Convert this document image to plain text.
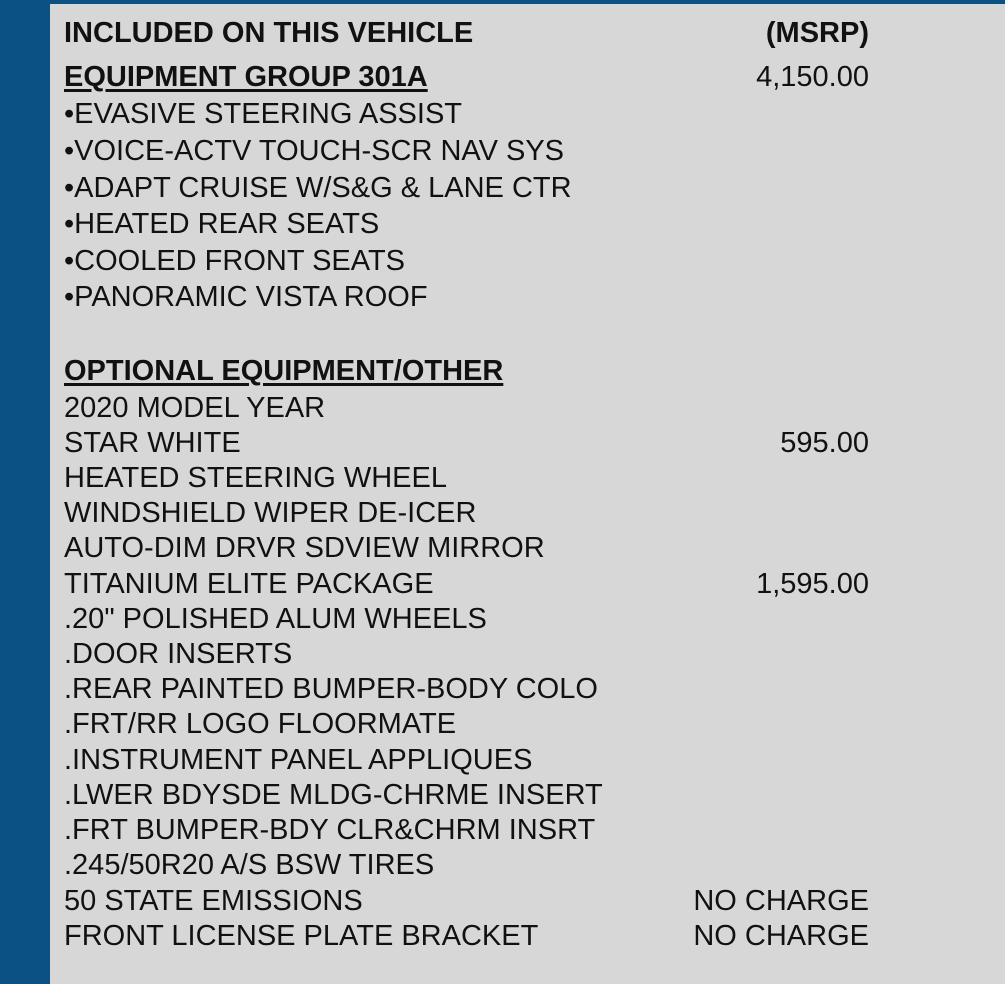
INCLUDED ON THIS VEHICLE	(MSRP)
EQUIPMENT GROUP 301A	4,150.00
•EVASIVE STEERING ASSIST
•VOICE-ACTV TOUCH-SCR NAV SYS
•ADAPT CRUISE W/S&G & LANE CTR
•HEATED REAR SEATS
•COOLED FRONT SEATS
•PANORAMIC VISTA ROOF
OPTIONAL EQUIPMENT/OTHER
2020 MODEL YEAR
STAR WHITE	595.00
HEATED STEERING WHEEL
WINDSHIELD WIPER DE-ICER
AUTO-DIM DRVR SDVIEW MIRROR
TITANIUM ELITE PACKAGE	1,595.00
.20" POLISHED ALUM WHEELS
.DOOR INSERTS
.REAR PAINTED BUMPER-BODY COLO
.FRT/RR LOGO FLOORMATE
.INSTRUMENT PANEL APPLIQUES
.LWER BDYSDE MLDG-CHRME INSERT
.FRT BUMPER-BDY CLR&CHRM INSRT
.245/50R20 A/S BSW TIRES
50 STATE EMISSIONS	NO CHARGE
FRONT LICENSE PLATE BRACKET	NO CHARGE
